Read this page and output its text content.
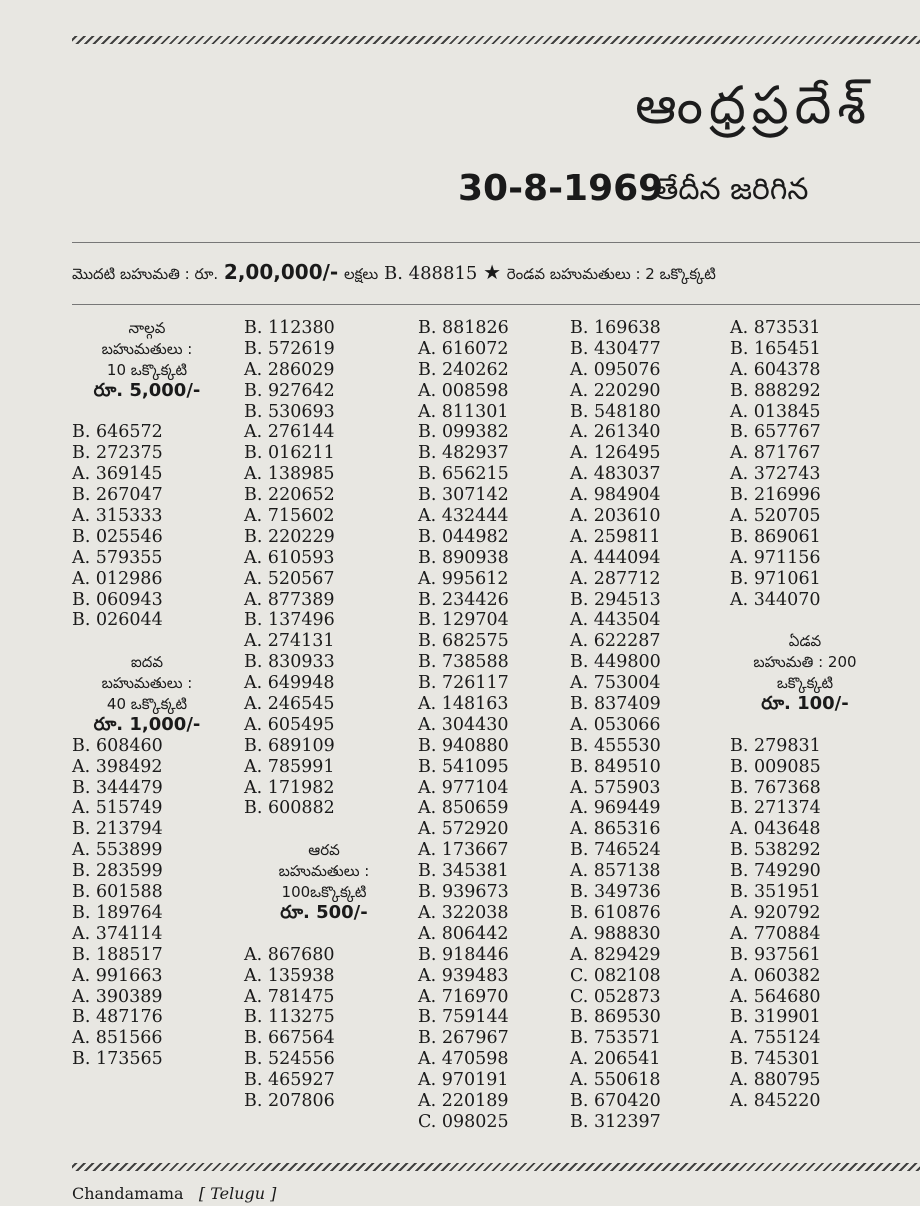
ఆంధ్రప్రదేశ్
30-8-1969
తేదీన జరిగిన
మొదటి బహుమతి : రూ. 2,00,000/- లక్షలు B. 488815 ★ రెండవ బహుమతులు : 2 ఒక్కొక్కటి
నాల్గవ
బహుమతులు :
10 ఒక్కొక్కటి
రూ. 5,000/-
B. 646572
B. 272375
A. 369145
B. 267047
A. 315333
B. 025546
A. 579355
A. 012986
B. 060943
B. 026044
ఐదవ
బహుమతులు :
40 ఒక్కొక్కటి
రూ. 1,000/-
B. 608460
A. 398492
B. 344479
A. 515749
B. 213794
A. 553899
B. 283599
B. 601588
B. 189764
A. 374114
B. 188517
A. 991663
A. 390389
B. 487176
A. 851566
B. 173565
B. 112380
B. 572619
A. 286029
B. 927642
B. 530693
A. 276144
B. 016211
A. 138985
B. 220652
A. 715602
B. 220229
A. 610593
A. 520567
A. 877389
B. 137496
A. 274131
B. 830933
A. 649948
A. 246545
A. 605495
B. 689109
A. 785991
A. 171982
B. 600882
ఆరవ
బహుమతులు :
100ఒక్కొక్కటి
రూ. 500/-
A. 867680
A. 135938
A. 781475
B. 113275
B. 667564
B. 524556
B. 465927
B. 207806
B. 881826
A. 616072
B. 240262
A. 008598
A. 811301
B. 099382
B. 482937
B. 656215
B. 307142
A. 432444
B. 044982
B. 890938
A. 995612
B. 234426
B. 129704
B. 682575
B. 738588
B. 726117
A. 148163
A. 304430
B. 940880
B. 541095
A. 977104
A. 850659
A. 572920
A. 173667
B. 345381
B. 939673
A. 322038
A. 806442
B. 918446
A. 939483
A. 716970
B. 759144
B. 267967
A. 470598
A. 970191
A. 220189
C. 098025
B. 169638
B. 430477
A. 095076
A. 220290
B. 548180
A. 261340
A. 126495
A. 483037
A. 984904
A. 203610
A. 259811
A. 444094
A. 287712
B. 294513
A. 443504
A. 622287
B. 449800
A. 753004
B. 837409
A. 053066
B. 455530
B. 849510
A. 575903
A. 969449
A. 865316
B. 746524
A. 857138
B. 349736
B. 610876
A. 988830
A. 829429
C. 082108
C. 052873
B. 869530
B. 753571
A. 206541
A. 550618
B. 670420
B. 312397
A. 873531
B. 165451
A. 604378
B. 888292
A. 013845
B. 657767
A. 871767
A. 372743
B. 216996
A. 520705
B. 869061
A. 971156
B. 971061
A. 344070
ఏడవ
బహుమతి : 200
ఒక్కొక్కటి
రూ. 100/-
B. 279831
B. 009085
B. 767368
B. 271374
A. 043648
B. 538292
B. 749290
B. 351951
A. 920792
A. 770884
B. 937561
A. 060382
A. 564680
B. 319901
A. 755124
B. 745301
A. 880795
A. 845220
Chandamama [ Telugu ]
